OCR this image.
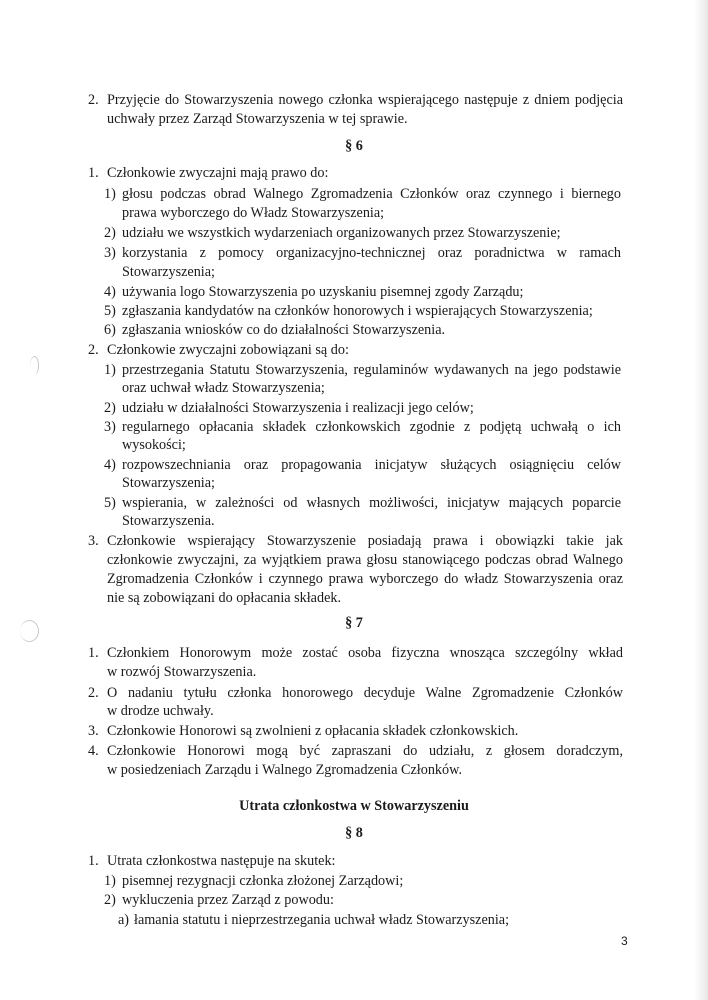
2. Przyjęcie do Stowarzyszenia nowego członka wspierającego następuje z dniem podjęcia
uchwały przez Zarząd Stowarzyszenia w tej sprawie.
§ 6
1. Członkowie zwyczajni mają prawo do:
1) głosu podczas obrad Walnego Zgromadzenia Członków oraz czynnego i biernego
prawa wyborczego do Władz Stowarzyszenia;
2) udziału we wszystkich wydarzeniach organizowanych przez Stowarzyszenie;
3) korzystania z pomocy organizacyjno-technicznej oraz poradnictwa w ramach
Stowarzyszenia;
4) używania logo Stowarzyszenia po uzyskaniu pisemnej zgody Zarządu;
5) zgłaszania kandydatów na członków honorowych i wspierających Stowarzyszenia;
6) zgłaszania wniosków co do działalności Stowarzyszenia.
2. Członkowie zwyczajni zobowiązani są do:
1) przestrzegania Statutu Stowarzyszenia, regulaminów wydawanych na jego podstawie
oraz uchwał władz Stowarzyszenia;
2) udziału w działalności Stowarzyszenia i realizacji jego celów;
3) regularnego opłacania składek członkowskich zgodnie z podjętą uchwałą o ich
wysokości;
4) rozpowszechniania oraz propagowania inicjatyw służących osiągnięciu celów
Stowarzyszenia;
5) wspierania, w zależności od własnych możliwości, inicjatyw mających poparcie
Stowarzyszenia.
3. Członkowie wspierający Stowarzyszenie posiadają prawa i obowiązki takie jak
członkowie zwyczajni, za wyjątkiem prawa głosu stanowiącego podczas obrad Walnego
Zgromadzenia Członków i czynnego prawa wyborczego do władz Stowarzyszenia oraz
nie są zobowiązani do opłacania składek.
§ 7
1. Członkiem Honorowym może zostać osoba fizyczna wnosząca szczególny wkład
w rozwój Stowarzyszenia.
2. O nadaniu tytułu członka honorowego decyduje Walne Zgromadzenie Członków
w drodze uchwały.
3. Członkowie Honorowi są zwolnieni z opłacania składek członkowskich.
4. Członkowie Honorowi mogą być zapraszani do udziału, z głosem doradczym,
w posiedzeniach Zarządu i Walnego Zgromadzenia Członków.
Utrata członkostwa w Stowarzyszeniu
§ 8
1. Utrata członkostwa następuje na skutek:
1) pisemnej rezygnacji członka złożonej Zarządowi;
2) wykluczenia przez Zarząd z powodu:
a) łamania statutu i nieprzestrzegania uchwał władz Stowarzyszenia;
3
